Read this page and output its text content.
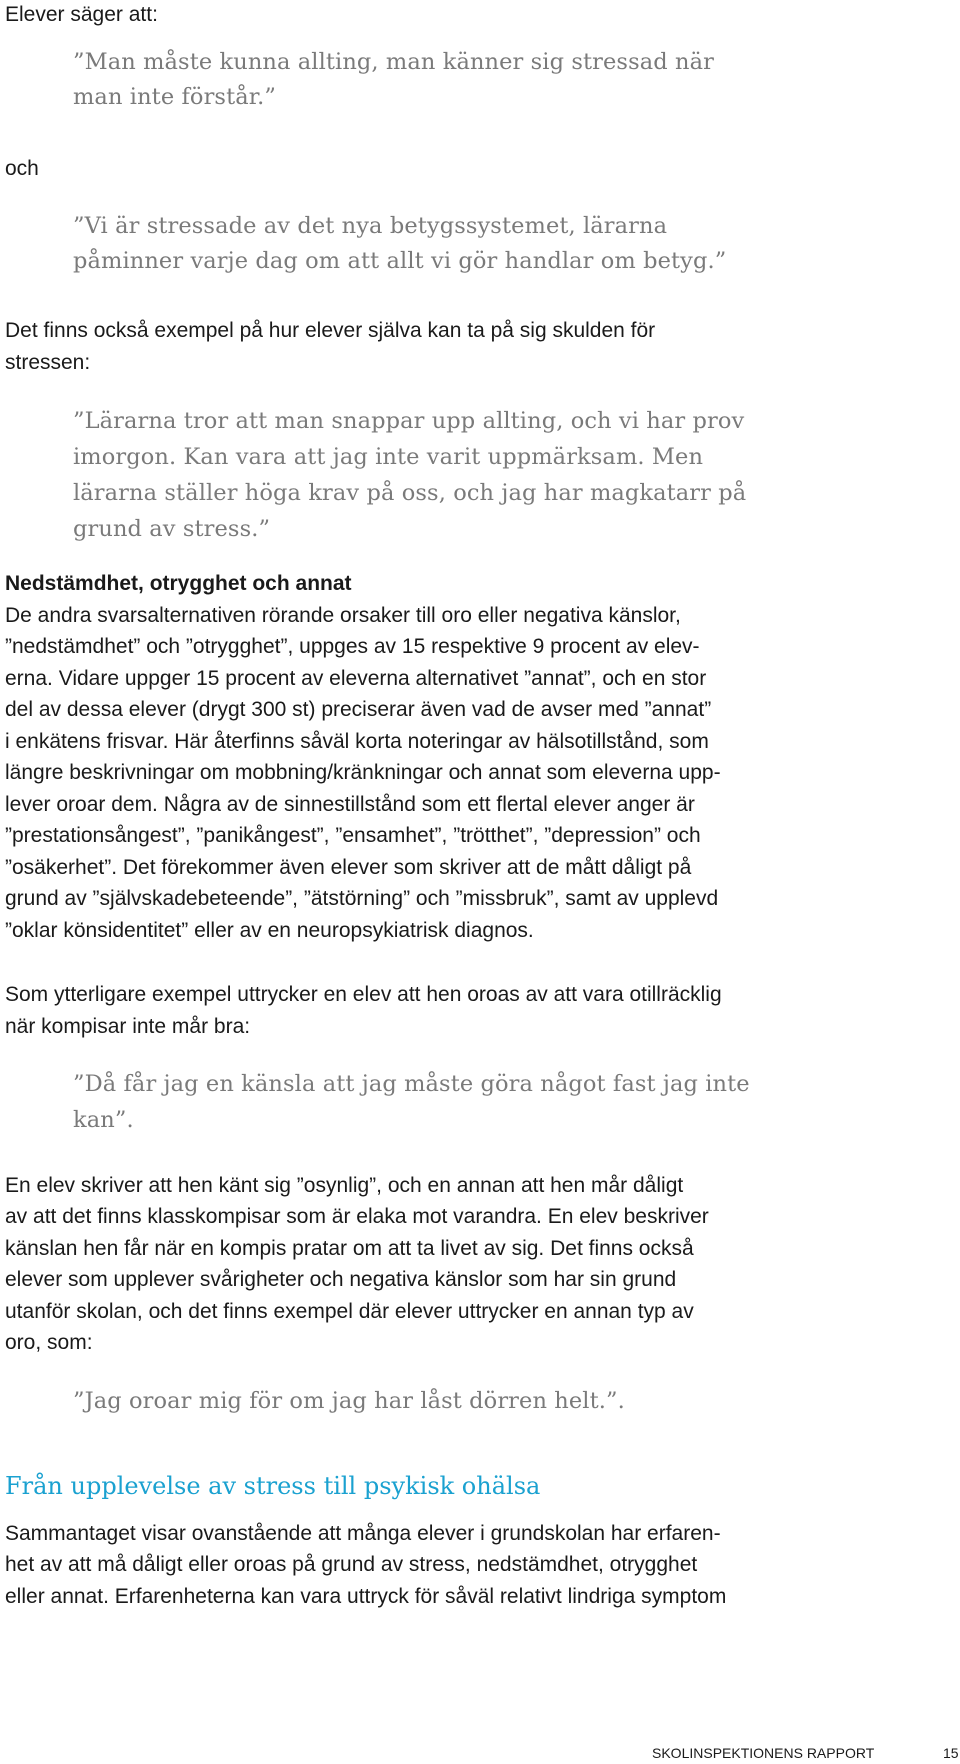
Elever säger att:
”Man måste kunna allting, man känner sig stressad när
man inte förstår.”
och
”Vi är stressade av det nya betygssystemet, lärarna
påminner varje dag om att allt vi gör handlar om betyg.”
Det finns också exempel på hur elever själva kan ta på sig skulden för
stressen:
”Lärarna tror att man snappar upp allting, och vi har prov
imorgon. Kan vara att jag inte varit uppmärksam. Men
lärarna ställer höga krav på oss, och jag har magkatarr på
grund av stress.”
Nedstämdhet, otrygghet och annat
De andra svarsalternativen rörande orsaker till oro eller negativa känslor,
”nedstämdhet” och ”otrygghet”, uppges av 15 respektive 9 procent av elev-
erna. Vidare uppger 15 procent av eleverna alternativet ”annat”, och en stor
del av dessa elever (drygt 300 st) preciserar även vad de avser med ”annat”
i enkätens frisvar. Här återfinns såväl korta noteringar av hälsotillstånd, som
längre beskrivningar om mobbning/kränkningar och annat som eleverna upp-
lever oroar dem. Några av de sinnestillstånd som ett flertal elever anger är
”prestationsångest”, ”panikångest”, ”ensamhet”, ”trötthet”, ”depression” och
”osäkerhet”. Det förekommer även elever som skriver att de mått dåligt på
grund av ”självskadebeteende”, ”ätstörning” och ”missbruk”, samt av upplevd
”oklar könsidentitet” eller av en neuropsykiatrisk diagnos.
Som ytterligare exempel uttrycker en elev att hen oroas av att vara otillräcklig
när kompisar inte mår bra:
”Då får jag en känsla att jag måste göra något fast jag inte
kan”.
En elev skriver att hen känt sig ”osynlig”, och en annan att hen mår dåligt
av att det finns klasskompisar som är elaka mot varandra. En elev beskriver
känslan hen får när en kompis pratar om att ta livet av sig. Det finns också
elever som upplever svårigheter och negativa känslor som har sin grund
utanför skolan, och det finns exempel där elever uttrycker en annan typ av
oro, som:
”Jag oroar mig för om jag har låst dörren helt.”.
Från upplevelse av stress till psykisk ohälsa
Sammantaget visar ovanstående att många elever i grundskolan har erfaren-
het av att må dåligt eller oroas på grund av stress, nedstämdhet, otrygghet
eller annat. Erfarenheterna kan vara uttryck för såväl relativt lindriga symptom
SKOLINSPEKTIONENS RAPPORT	15
